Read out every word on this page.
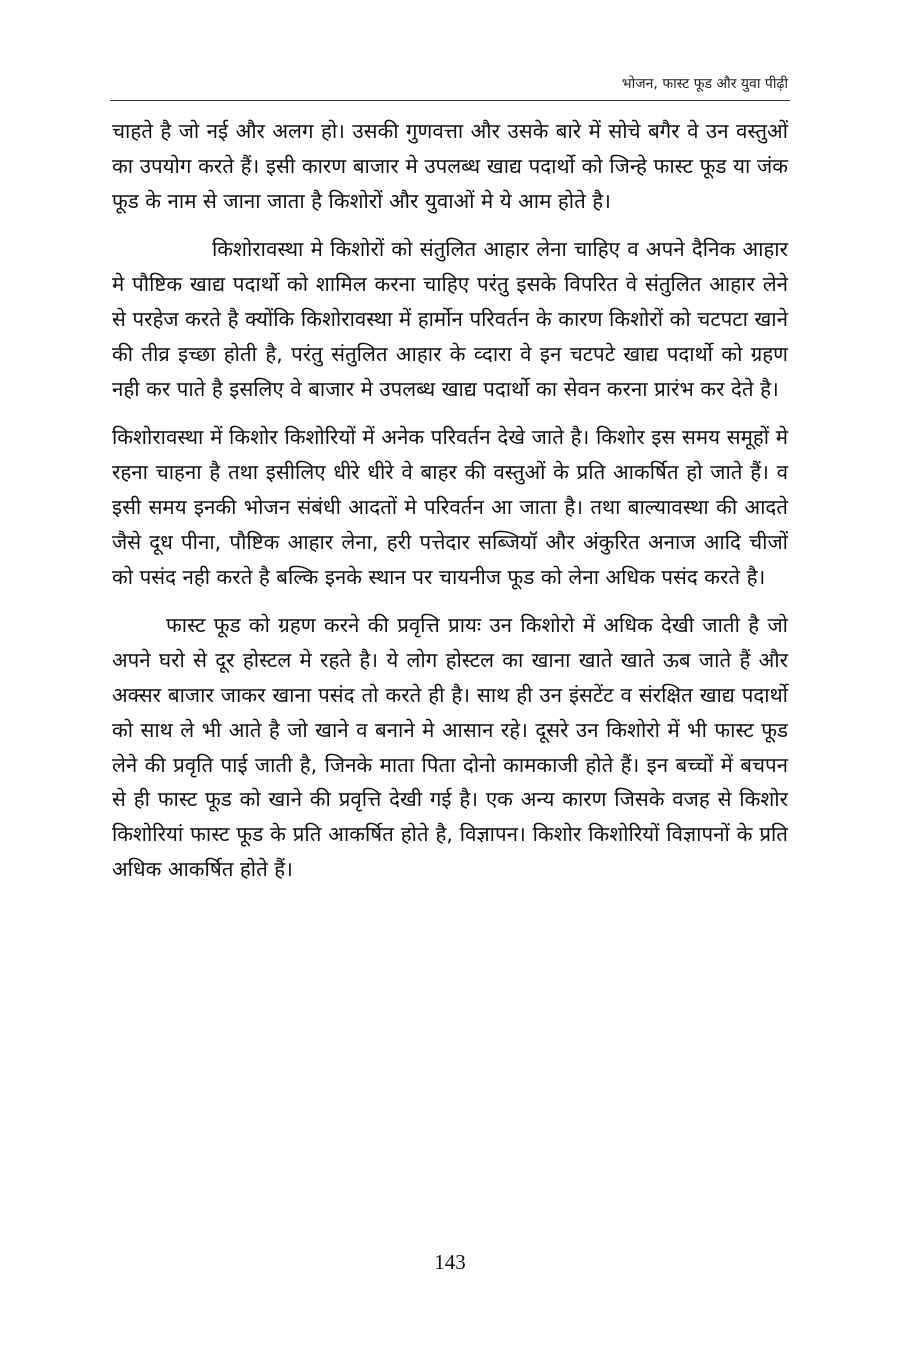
भोजन, फास्ट फूड और युवा पीढ़ी

चाहते है जो नई और अलग हो। उसकी गुणवत्ता और उसके बारे में सोचे बगैर वे उन वस्तुओं का उपयोग करते हैं। इसी कारण बाजार मे उपलब्ध खाद्य पदार्थो को जिन्हे फास्ट फूड या जंक फूड के नाम से जाना जाता है किशोरों और युवाओं मे ये आम होते है।

किशोरावस्था मे किशोरों को संतुलित आहार लेना चाहिए व अपने दैनिक आहार मे पौष्टिक खाद्य पदार्थो को शामिल करना चाहिए परंतु इसके विपरित वे संतुलित आहार लेने से परहेज करते है क्योंकि किशोरावस्था में हार्मोन परिवर्तन के कारण किशोरों को चटपटा खाने की तीव्र इच्छा होती है, परंतु संतुलित आहार के व्दारा वे इन चटपटे खाद्य पदार्थो को ग्रहण नही कर पाते है इसलिए वे बाजार मे उपलब्ध खाद्य पदार्थो का सेवन करना प्रारंभ कर देते है।

किशोरावस्था में किशोर किशोरियों में अनेक परिवर्तन देखे जाते है। किशोर इस समय समूहों मे रहना चाहना है तथा इसीलिए धीरे धीरे वे बाहर की वस्तुओं के प्रति आकर्षित हो जाते हैं। व इसी समय इनकी भोजन संबंधी आदतों मे परिवर्तन आ जाता है। तथा बाल्यावस्था की आदते जैसे दूध पीना, पौष्टिक आहार लेना, हरी पत्तेदार सब्जियॉ और अंकुरित अनाज आदि चीजों को पसंद नही करते है बल्कि इनके स्थान पर चायनीज फूड को लेना अधिक पसंद करते है।

फास्ट फूड को ग्रहण करने की प्रवृत्ति प्रायः उन किशोरो में अधिक देखी जाती है जो अपने घरो से दूर होस्टल मे रहते है। ये लोग होस्टल का खाना खाते खाते ऊब जाते हैं और अक्सर बाजार जाकर खाना पसंद तो करते ही है। साथ ही उन इंसटेंट व संरक्षित खाद्य पदार्थो को साथ ले भी आते है जो खाने व बनाने मे आसान रहे। दूसरे उन किशोरो में भी फास्ट फूड लेने की प्रवृति पाई जाती है, जिनके माता पिता दोनो कामकाजी होते हैं। इन बच्चों में बचपन से ही फास्ट फूड को खाने की प्रवृत्ति देखी गई है। एक अन्य कारण जिसके वजह से किशोर किशोरियां फास्ट फूड के प्रति आकर्षित होते है, विज्ञापन। किशोर किशोरियों विज्ञापनों के प्रति अधिक आकर्षित होते हैं।

143
